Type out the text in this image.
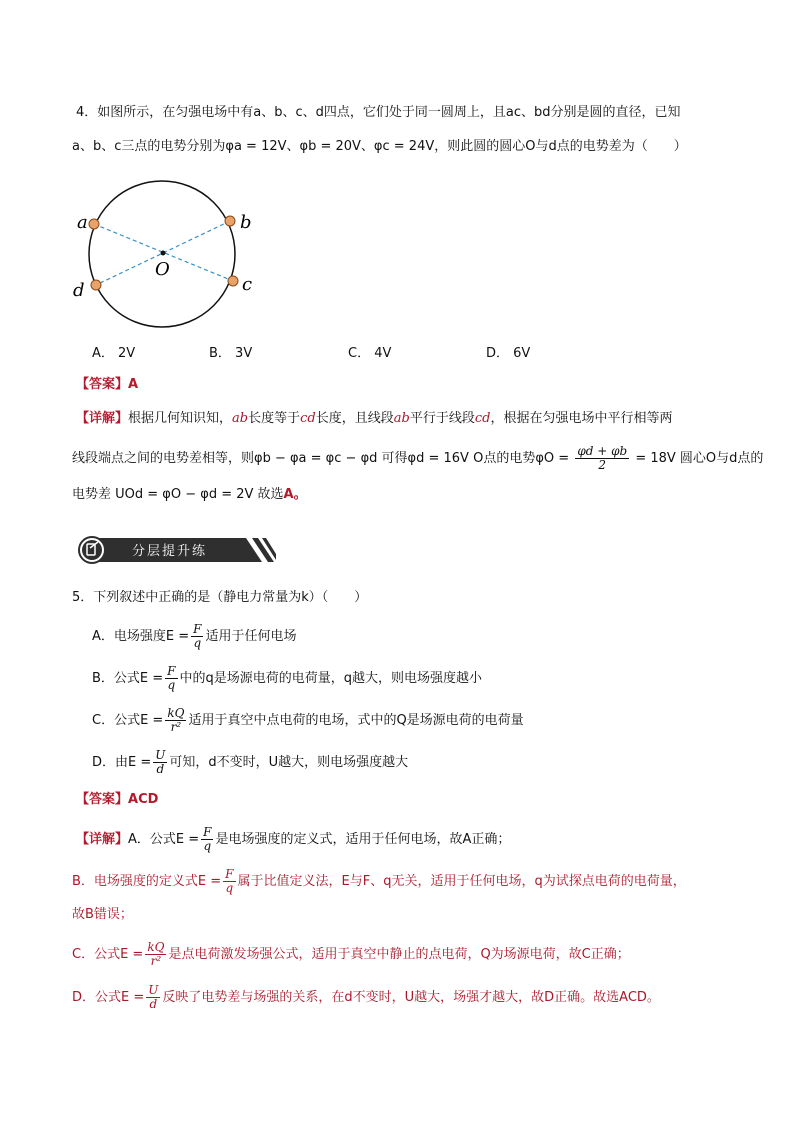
4．如图所示，在匀强电场中有a、b、c、d四点，它们处于同一圆周上，且ac、bd分别是圆的直径，已知
a、b、c三点的电势分别为φa = 12V、φb = 20V、φc = 24V，则此圆的圆心O与d点的电势差为（　　）
a	b
c
d
O
A． 2V	B． 3V	C． 4V	D． 6V
【答案】A
【详解】根据几何知识知，ab长度等于cd长度，且线段ab平行于线段cd，根据在匀强电场中平行相等两
线段端点之间的电势差相等，则φb − φa = φc − φd 可得φd = 16V O点的电势$\varphi O = \frac{\varphi d + \varphi b}{2} = 18V$ 圆心O与d点的
电势差 UOd = φO − φd = 2V 故选A。
分层提升练
5．下列叙述中正确的是（静电力常量为k）（　　）
A．电场强度$E = \frac{F}{q}$ 适用于任何电场
B．公式$E = \frac{F}{q}$ 中的q是场源电荷的电荷量，q越大，则电场强度越小
C．公式$E = \frac{kQ}{\text{r²}}$ 适用于真空中点电荷的电场，式中的Q是场源电荷的电荷量
D．由$E = \frac{U}{d}$ 可知，d不变时，U越大，则电场强度越大
【答案】ACD
【详解】A．公式$E = \frac{F}{q}$ 是电场强度的定义式，适用于任何电场，故A正确；
B．电场强度的定义式$E = \frac{F}{q}$ 属于比值定义法，E与F、q无关，适用于任何电场，q为试探点电荷的电荷量，
故B错误；
C．公式$E = \frac{kQ}{\text{r²}}$ 是点电荷激发场强公式，适用于真空中静止的点电荷，Q为场源电荷，故C正确；
D．公式$E = \frac{U}{d}$ 反映了电势差与场强的关系，在d不变时，U越大，场强才越大，故D正确。故选ACD。
